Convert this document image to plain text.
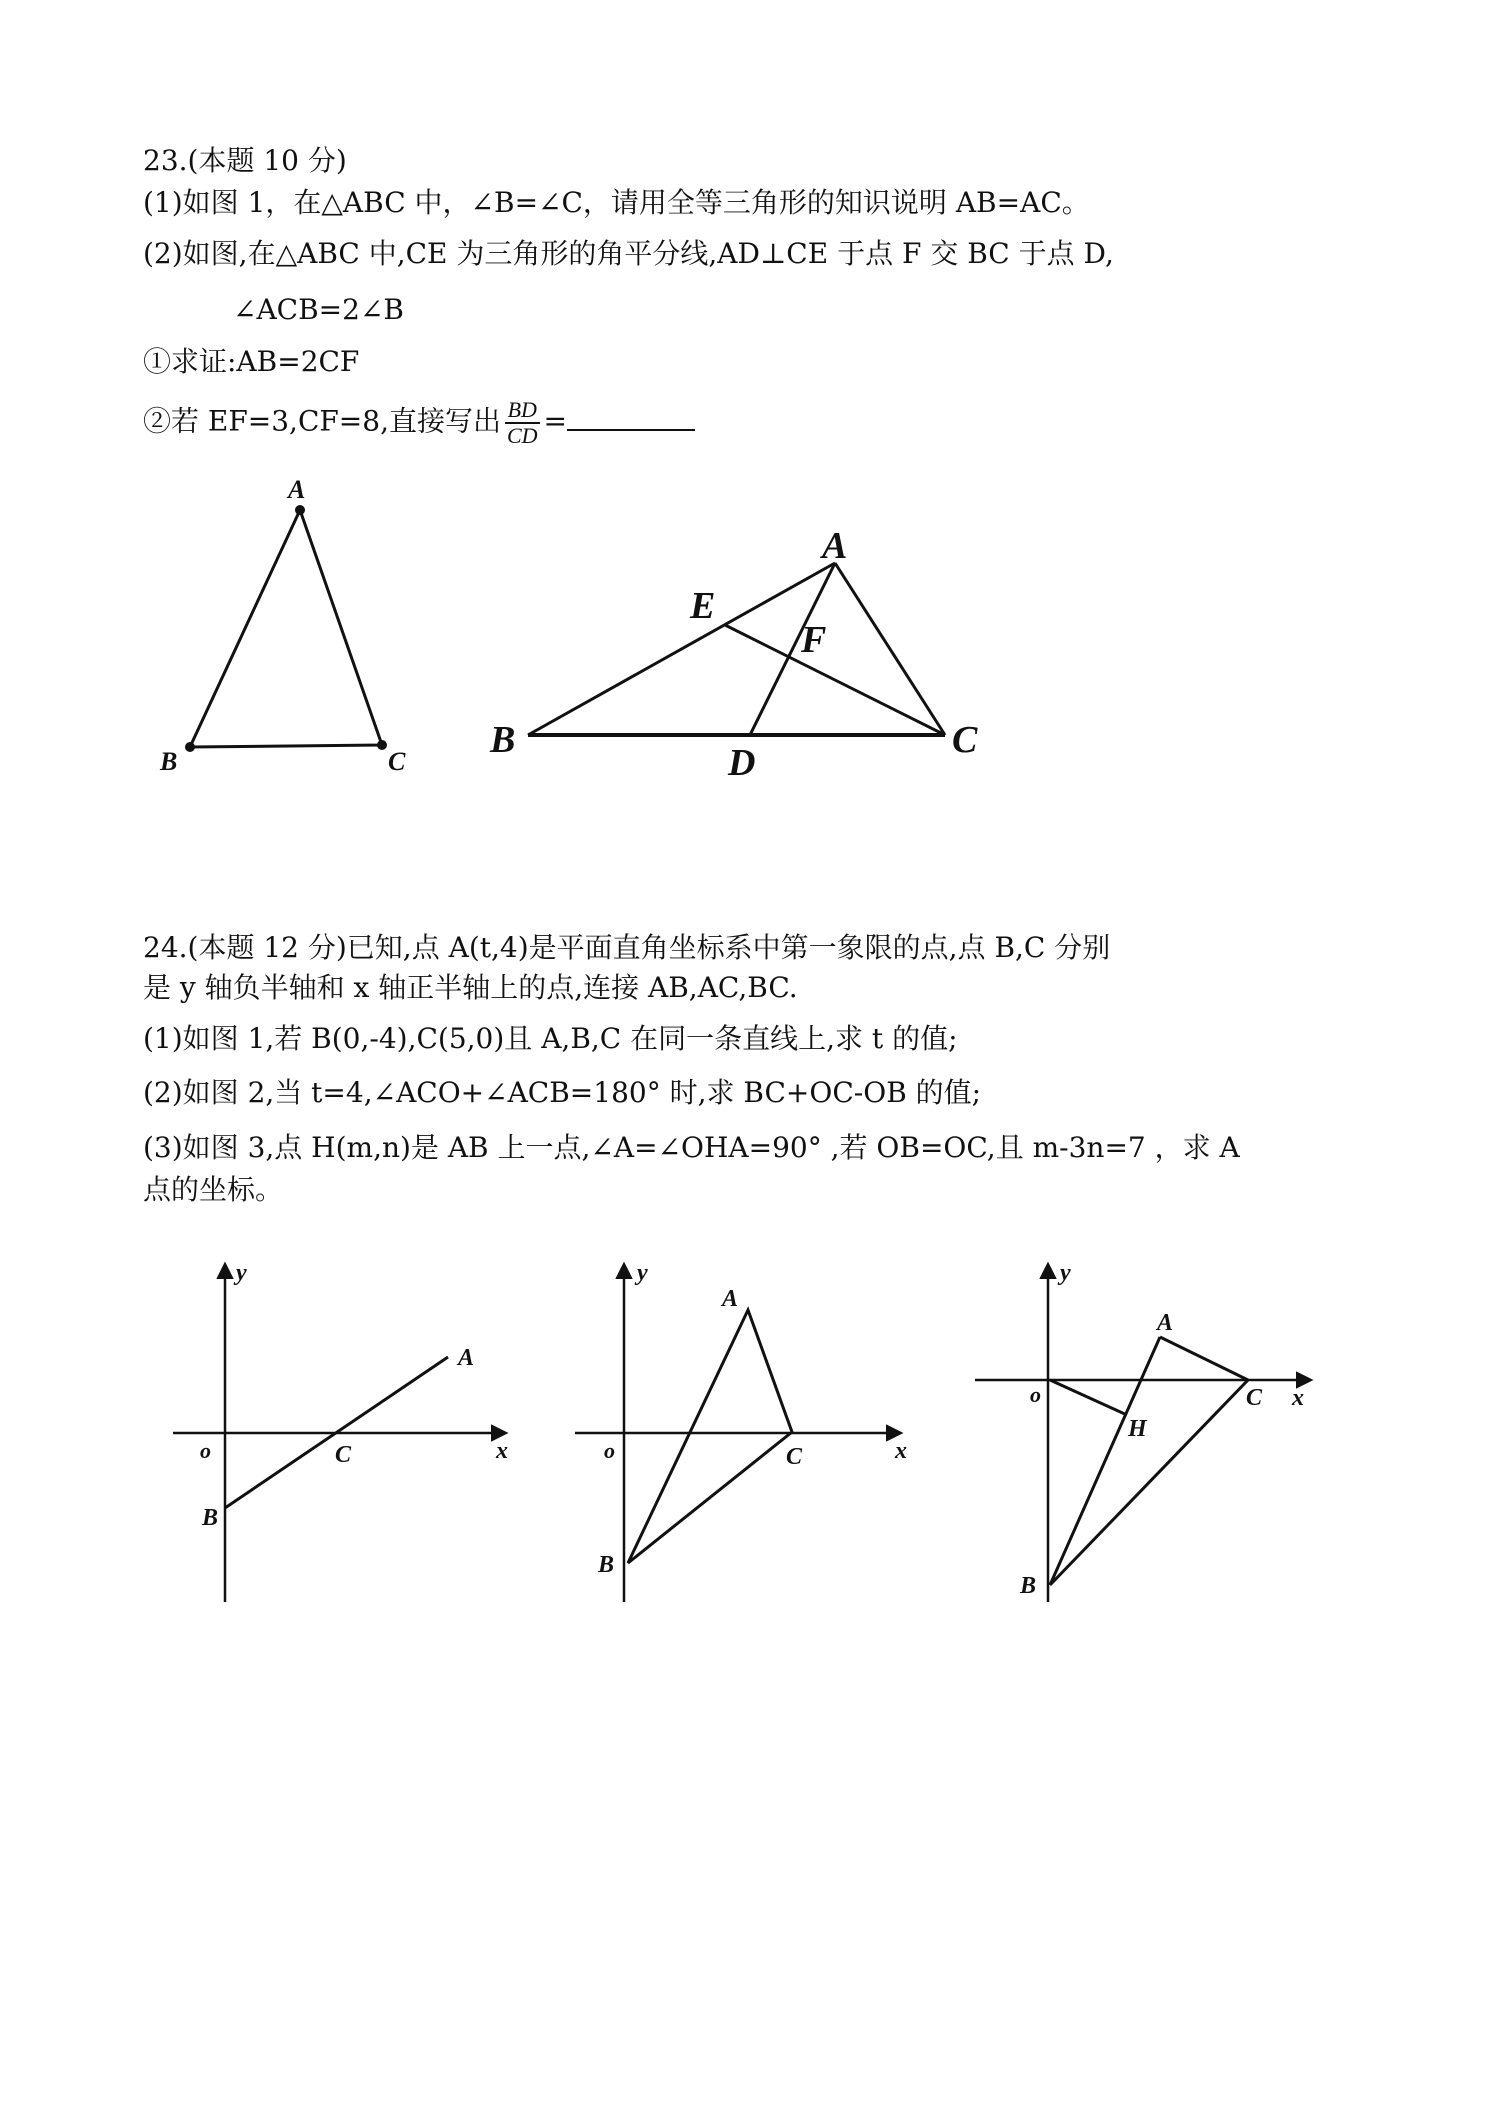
23.(本题 10 分)
(1)如图 1，在△ABC 中，∠B=∠C，请用全等三角形的知识说明 AB=AC。
(2)如图,在△ABC 中,CE 为三角形的角平分线,AD⊥CE 于点 F 交 BC 于点 D,
∠ACB=2∠B
①求证:AB=2CF
②若 EF=3,CF=8,直接写出 $\frac{BD}{CD}$ =
A
B	C
A
E
F
B
D
C
24.(本题 12 分)已知,点 A(t,4)是平面直角坐标系中第一象限的点,点 B,C 分别
是 y 轴负半轴和 x 轴正半轴上的点,连接 AB,AC,BC.
(1)如图 1,若 B(0,-4),C(5,0)且 A,B,C 在同一条直线上,求 t 的值;
(2)如图 2,当 t=4,∠ACO+∠ACB=180° 时,求 BC+OC-OB 的值;
(3)如图 3,点 H(m,n)是 AB 上一点,∠A=∠OHA=90° ,若 OB=OC,且 m-3n=7 ，求 A
点的坐标。
y
x
o
A
B
C
y
x
o
A
B
C
y
x
o
A
B
C
H
